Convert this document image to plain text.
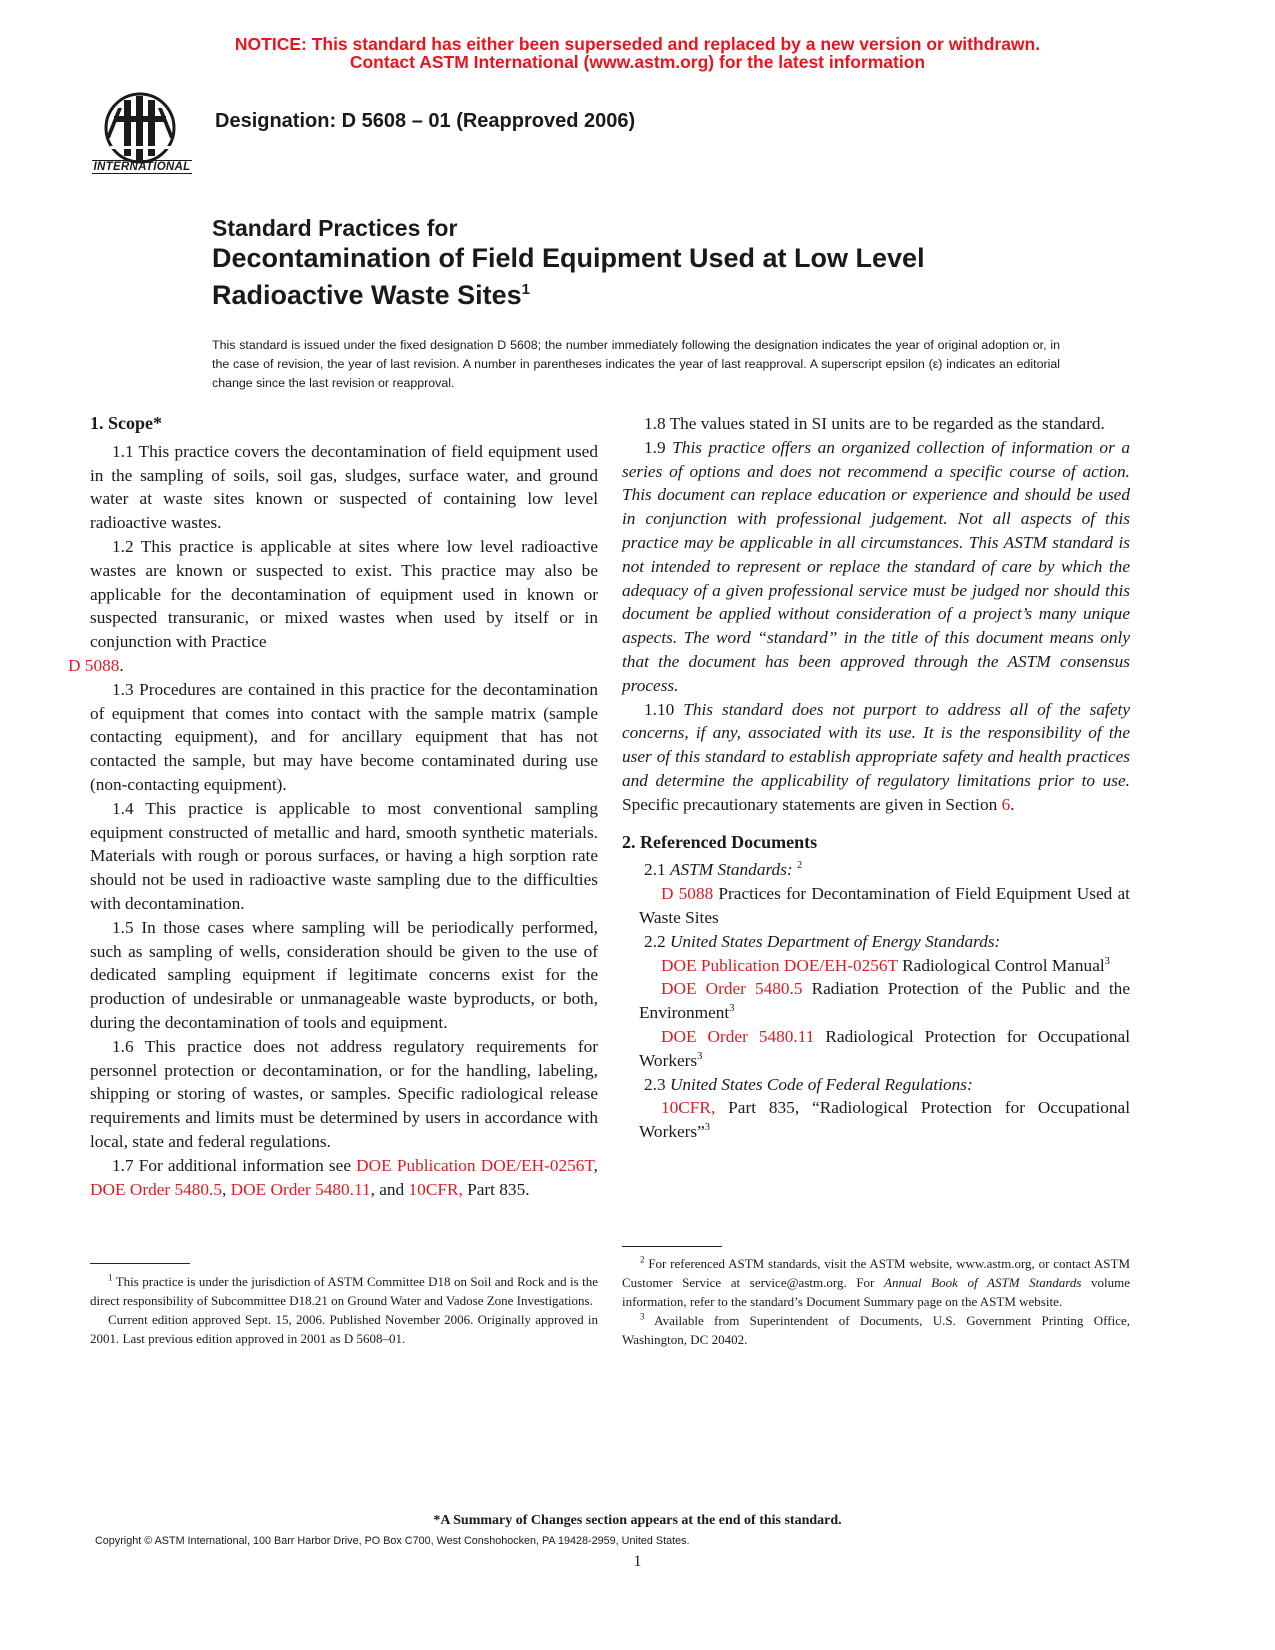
NOTICE: This standard has either been superseded and replaced by a new version or withdrawn.
Contact ASTM International (www.astm.org) for the latest information
INTERNATIONAL
Designation: D 5608 – 01 (Reapproved 2006)
Standard Practices for
Decontamination of Field Equipment Used at Low Level
Radioactive Waste Sites$^1$
This standard is issued under the fixed designation D 5608; the number immediately following the designation indicates the year of original adoption or, in the case of revision, the year of last revision. A number in parentheses indicates the year of last reapproval. A superscript epsilon (ε) indicates an editorial change since the last revision or reapproval.
1. Scope*

1.1 This practice covers the decontamination of field equipment used in the sampling of soils, soil gas, sludges, surface water, and ground water at waste sites known or suspected of containing low level radioactive wastes.

1.2 This practice is applicable at sites where low level radioactive wastes are known or suspected to exist. This practice may also be applicable for the decontamination of equipment used in known or suspected transuranic, or mixed wastes when used by itself or in conjunction with Practice
D 5088.

1.3 Procedures are contained in this practice for the decontamination of equipment that comes into contact with the sample matrix (sample contacting equipment), and for ancillary equipment that has not contacted the sample, but may have become contaminated during use (non-contacting equipment).

1.4 This practice is applicable to most conventional sampling equipment constructed of metallic and hard, smooth synthetic materials. Materials with rough or porous surfaces, or having a high sorption rate should not be used in radioactive waste sampling due to the difficulties with decontamination.

1.5 In those cases where sampling will be periodically performed, such as sampling of wells, consideration should be given to the use of dedicated sampling equipment if legitimate concerns exist for the production of undesirable or unmanageable waste byproducts, or both, during the decontamination of tools and equipment.

1.6 This practice does not address regulatory requirements for personnel protection or decontamination, or for the handling, labeling, shipping or storing of wastes, or samples. Specific radiological release requirements and limits must be determined by users in accordance with local, state and federal regulations.

1.7 For additional information see DOE Publication DOE/EH-0256T, DOE Order 5480.5, DOE Order 5480.11, and 10CFR, Part 835.

$^1$ This practice is under the jurisdiction of ASTM Committee D18 on Soil and Rock and is the direct responsibility of Subcommittee D18.21 on Ground Water and Vadose Zone Investigations.

Current edition approved Sept. 15, 2006. Published November 2006. Originally approved in 2001. Last previous edition approved in 2001 as D 5608–01.

1.8 The values stated in SI units are to be regarded as the standard.

1.9 This practice offers an organized collection of information or a series of options and does not recommend a specific course of action. This document can replace education or experience and should be used in conjunction with professional judgement. Not all aspects of this practice may be applicable in all circumstances. This ASTM standard is not intended to represent or replace the standard of care by which the adequacy of a given professional service must be judged nor should this document be applied without consideration of a project’s many unique aspects. The word “standard” in the title of this document means only that the document has been approved through the ASTM consensus process.

1.10 This standard does not purport to address all of the safety concerns, if any, associated with its use. It is the responsibility of the user of this standard to establish appropriate safety and health practices and determine the applicability of regulatory limitations prior to use. Specific precautionary statements are given in Section 6.

2. Referenced Documents

2.1 ASTM Standards: $^2$

D 5088 Practices for Decontamination of Field Equipment Used at Waste Sites

2.2 United States Department of Energy Standards:

DOE Publication DOE/EH-0256T Radiological Control Manual$^3$

DOE Order 5480.5 Radiation Protection of the Public and the Environment$^3$

DOE Order 5480.11 Radiological Protection for Occupational Workers$^3$

2.3 United States Code of Federal Regulations:

10CFR, Part 835, “Radiological Protection for Occupational Workers”$^3$

$^2$ For referenced ASTM standards, visit the ASTM website, www.astm.org, or contact ASTM Customer Service at service@astm.org. For Annual Book of ASTM Standards volume information, refer to the standard’s Document Summary page on the ASTM website.

$^3$ Available from Superintendent of Documents, U.S. Government Printing Office, Washington, DC 20402.

*A Summary of Changes section appears at the end of this standard.
Copyright © ASTM International, 100 Barr Harbor Drive, PO Box C700, West Conshohocken, PA 19428-2959, United States.
1
